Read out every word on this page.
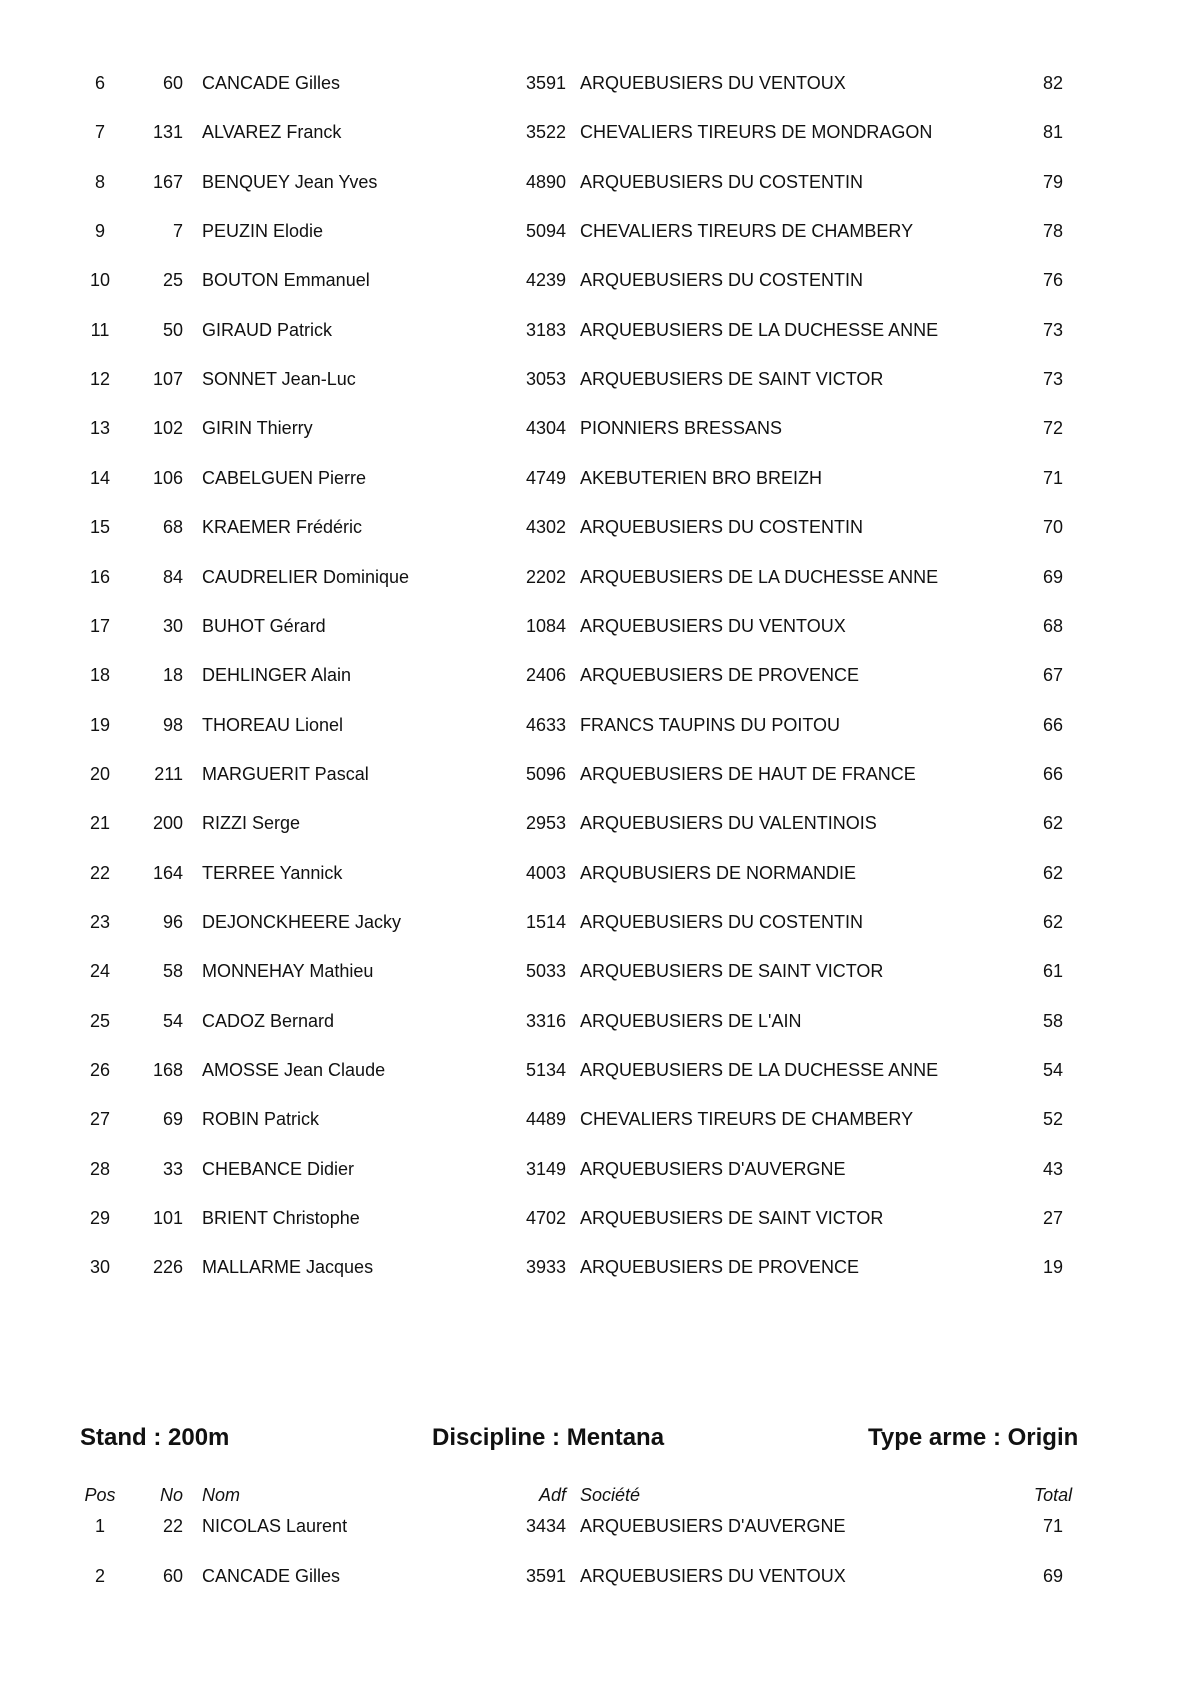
6	60 CANCADE Gilles	3591 ARQUEBUSIERS DU VENTOUX	82
7	131 ALVAREZ Franck	3522 CHEVALIERS TIREURS DE MONDRAGON	81
8	167 BENQUEY Jean Yves	4890 ARQUEBUSIERS DU COSTENTIN	79
9	7 PEUZIN Elodie	5094 CHEVALIERS TIREURS DE CHAMBERY	78
10	25 BOUTON Emmanuel	4239 ARQUEBUSIERS DU COSTENTIN	76
11	50 GIRAUD Patrick	3183 ARQUEBUSIERS DE LA DUCHESSE ANNE	73
12	107 SONNET Jean-Luc	3053 ARQUEBUSIERS DE SAINT VICTOR	73
13	102 GIRIN Thierry	4304 PIONNIERS BRESSANS	72
14	106 CABELGUEN Pierre	4749 AKEBUTERIEN BRO BREIZH	71
15	68 KRAEMER Frédéric	4302 ARQUEBUSIERS DU COSTENTIN	70
16	84 CAUDRELIER Dominique	2202 ARQUEBUSIERS DE LA DUCHESSE ANNE	69
17	30 BUHOT Gérard	1084 ARQUEBUSIERS DU VENTOUX	68
18	18 DEHLINGER Alain	2406 ARQUEBUSIERS DE PROVENCE	67
19	98 THOREAU Lionel	4633 FRANCS TAUPINS DU POITOU	66
20	211 MARGUERIT Pascal	5096 ARQUEBUSIERS DE HAUT DE FRANCE	66
21	200 RIZZI Serge	2953 ARQUEBUSIERS DU VALENTINOIS	62
22	164 TERREE Yannick	4003 ARQUBUSIERS DE NORMANDIE	62
23	96 DEJONCKHEERE Jacky	1514 ARQUEBUSIERS DU COSTENTIN	62
24	58 MONNEHAY Mathieu	5033 ARQUEBUSIERS DE SAINT VICTOR	61
25	54 CADOZ Bernard	3316 ARQUEBUSIERS DE L'AIN	58
26	168 AMOSSE Jean Claude	5134 ARQUEBUSIERS DE LA DUCHESSE ANNE	54
27	69 ROBIN Patrick	4489 CHEVALIERS TIREURS DE CHAMBERY	52
28	33 CHEBANCE Didier	3149 ARQUEBUSIERS D'AUVERGNE	43
29	101 BRIENT Christophe	4702 ARQUEBUSIERS DE SAINT VICTOR	27
30	226 MALLARME Jacques	3933 ARQUEBUSIERS DE PROVENCE	19
Stand : 200m	Discipline : Mentana	Type arme : Origin
Pos	No Nom	Adf Société	Total
1	22 NICOLAS Laurent	3434 ARQUEBUSIERS D'AUVERGNE	71
2	60 CANCADE Gilles	3591 ARQUEBUSIERS DU VENTOUX	69
